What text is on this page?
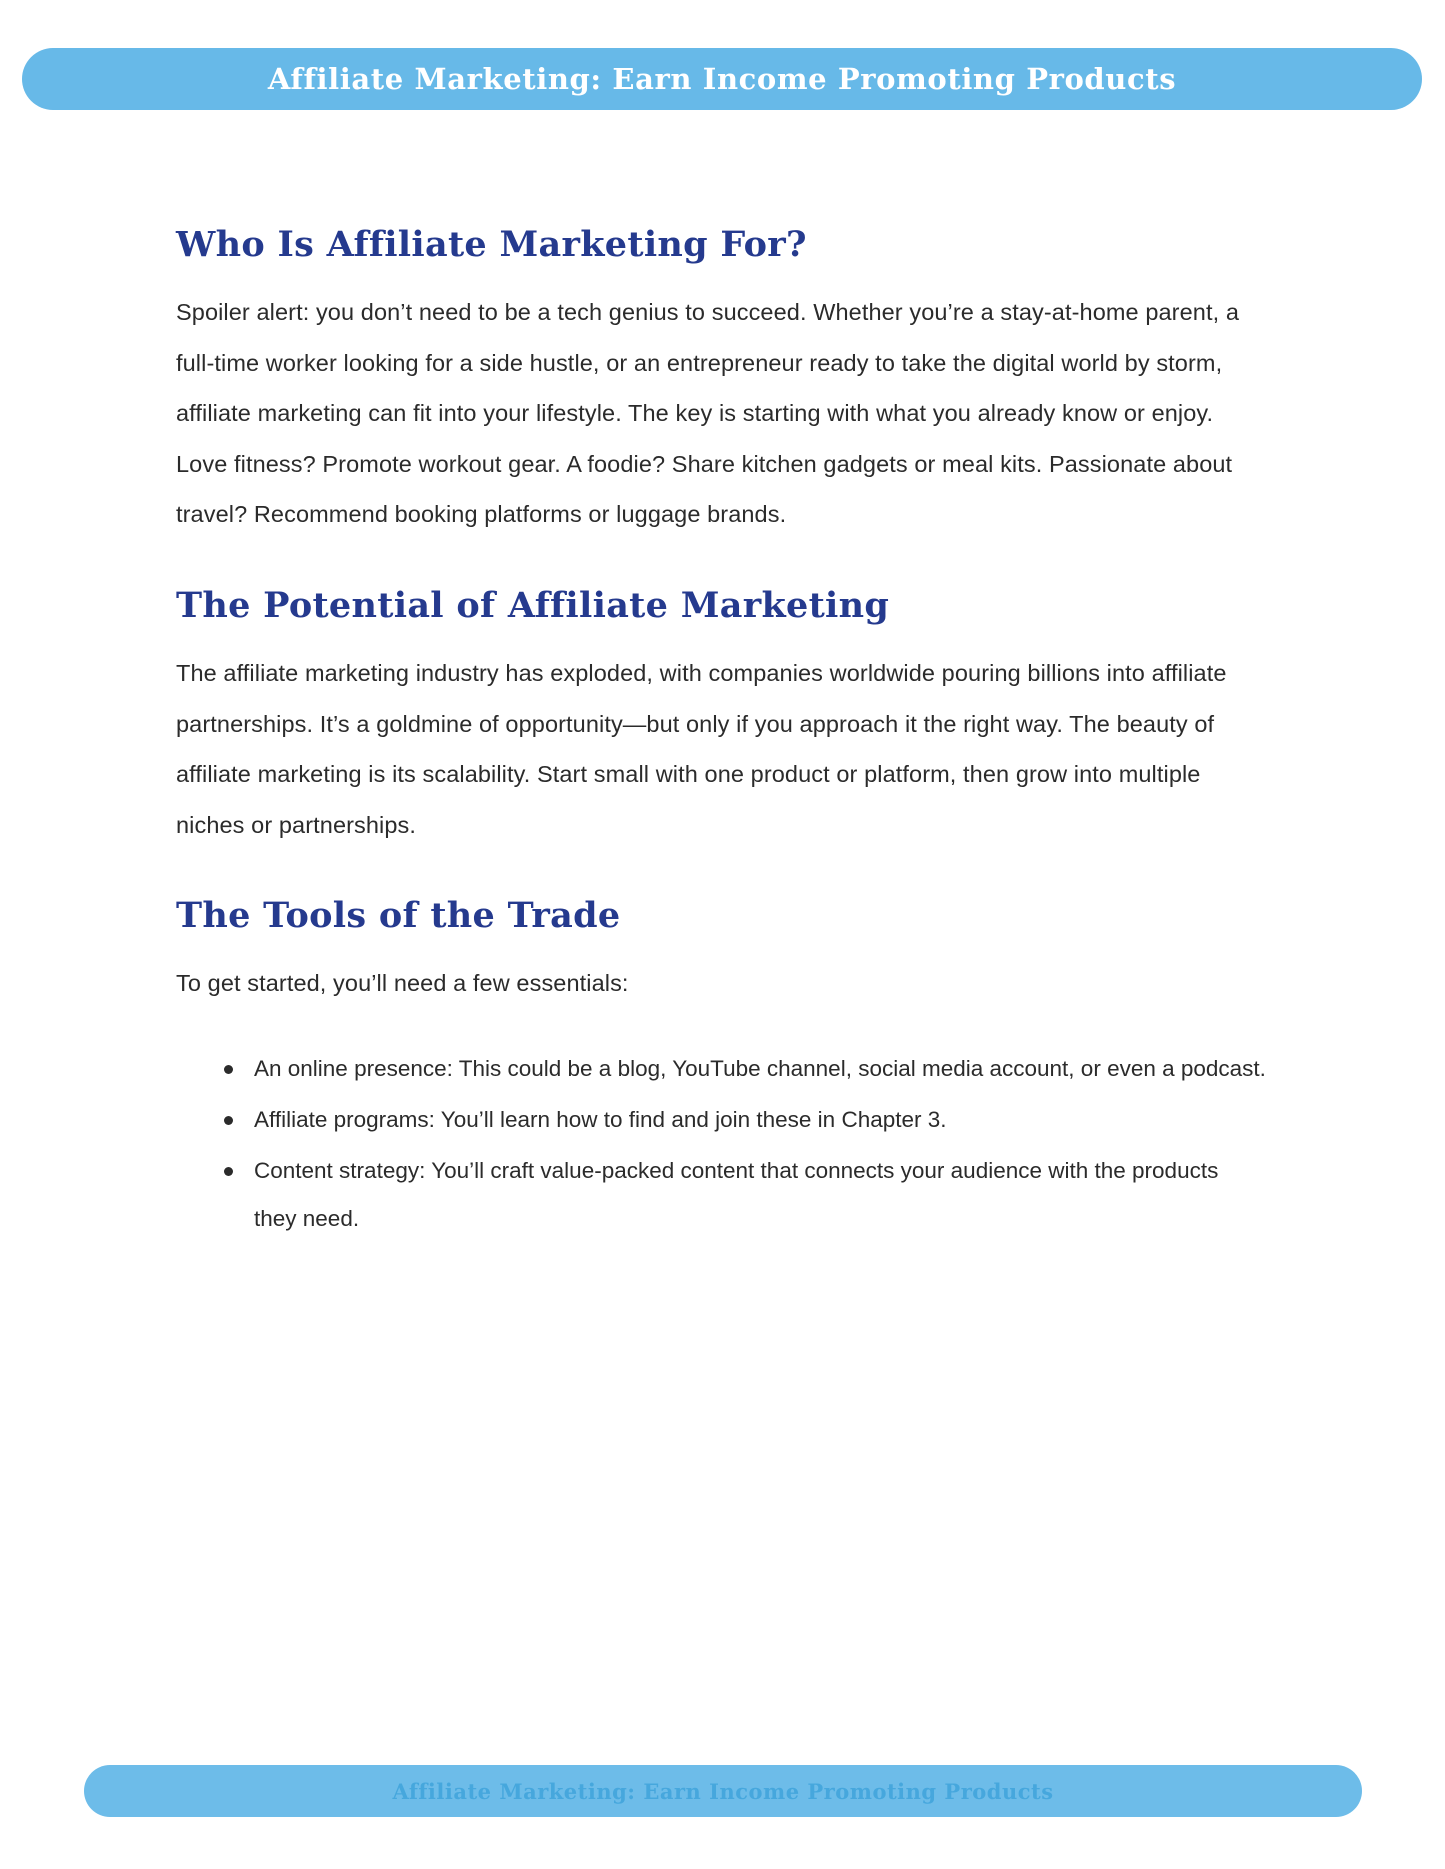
Affiliate Marketing: Earn Income Promoting Products
Who Is Affiliate Marketing For?

Spoiler alert: you don’t need to be a tech genius to succeed. Whether you’re a stay-at-home parent, a full-time worker looking for a side hustle, or an entrepreneur ready to take the digital world by storm, affiliate marketing can fit into your lifestyle. The key is starting with what you already know or enjoy. Love fitness? Promote workout gear. A foodie? Share kitchen gadgets or meal kits. Passionate about travel? Recommend booking platforms or luggage brands.

The Potential of Affiliate Marketing

The affiliate marketing industry has exploded, with companies worldwide pouring billions into affiliate partnerships. It’s a goldmine of opportunity—but only if you approach it the right way. The beauty of affiliate marketing is its scalability. Start small with one product or platform, then grow into multiple niches or partnerships.

The Tools of the Trade

To get started, you’ll need a few essentials:

An online presence: This could be a blog, YouTube channel, social media account, or even a podcast.
Affiliate programs: You’ll learn how to find and join these in Chapter 3.
Content strategy: You’ll craft value-packed content that connects your audience with the products they need.
Affiliate Marketing: Earn Income Promoting Products
